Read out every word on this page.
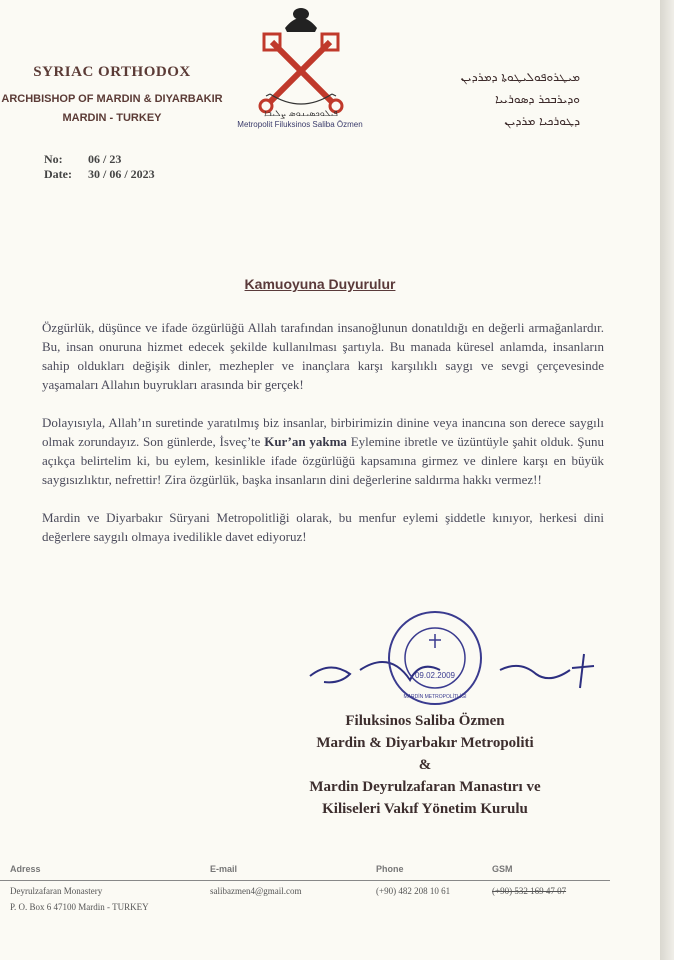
SYRIAC ORTHODOX
ARCHBISHOP OF MARDIN & DIYARBAKIR
MARDIN - TURKEY	ܦܝܠܘܟܣܝܢܘܣ ܨܠܝܒܐ
Metropolit Filuksinos Saliba Özmen
ܡܝܛܪܘܦܘܠܝܛܘܬܐ ܕܡܪܕܝܢ
ܘܕܝܪܒܟܪ ܕܣܘܪܝܝܐ
ܕܛܘܪܟܝܐ ܡܪܕܝܢ
No: 06 / 23
Date: 30 / 06 / 2023
Kamuoyuna Duyurulur

Özgürlük, düşünce ve ifade özgürlüğü Allah tarafından insanoğlunun donatıldığı en değerli armağanlardır. Bu, insan onuruna hizmet edecek şekilde kullanılması şartıyla. Bu manada küresel anlamda, insanların sahip oldukları değişik dinler, mezhepler ve inançlara karşı karşılıklı saygı ve sevgi çerçevesinde yaşamaları Allahın buyrukları arasında bir gerçek!

Dolayısıyla, Allah’ın suretinde yaratılmış biz insanlar, birbirimizin dinine veya inancına son derece saygılı olmak zorundayız. Son günlerde, İsveç’te Kur’an yakma Eylemine ibretle ve üzüntüyle şahit olduk. Şunu açıkça belirtelim ki, bu eylem, kesinlikle ifade özgürlüğü kapsamına girmez ve dinlere karşı en büyük saygısızlıktır, nefrettir! Zira özgürlük, başka insanların dini değerlerine saldırma hakkı vermez!!

Mardin ve Diyarbakır Süryani Metropolitliği olarak, bu menfur eylemi şiddetle kınıyor, herkesi dini değerlere saygılı olmaya ivedilikle davet ediyoruz!

09.02.2009
MARDİN METROPOLİTLİĞİ
Filuksinos Saliba Özmen
Mardin & Diyarbakır Metropoliti
&
Mardin Deyrulzafaran Manastırı ve
Kiliseleri Vakıf Yönetim Kurulu
Adress	E-mail	Phone	GSM
Deyrulzafaran Monastery	salibazmen4@gmail.com	(+90) 482 208 10 61	(+90) 532 169 47 07
P. O. Box 6 47100 Mardin - TURKEY
